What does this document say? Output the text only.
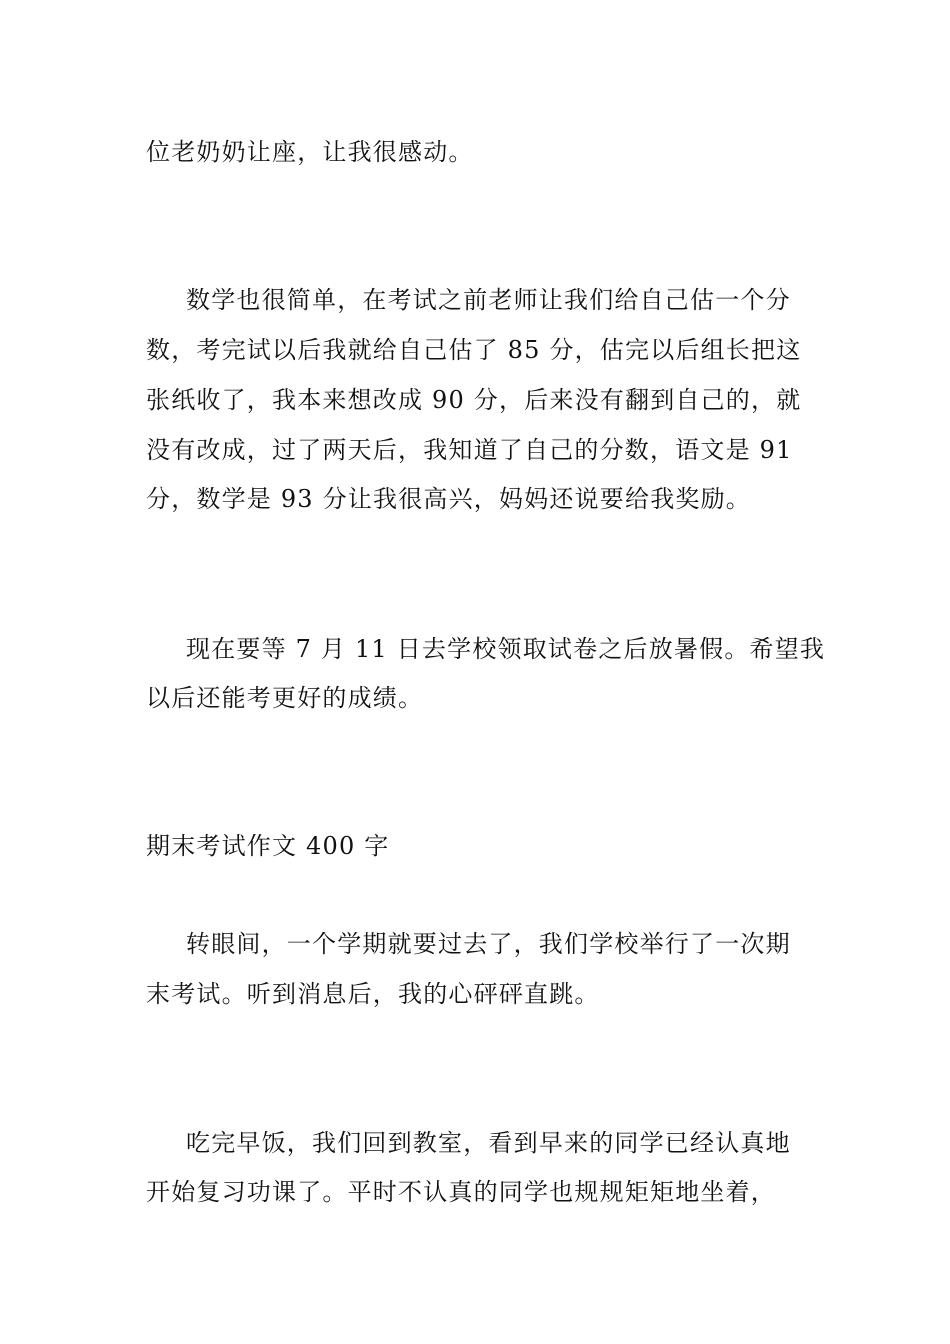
位老奶奶让座，让我很感动。
数学也很简单，在考试之前老师让我们给自己估一个分
数，考完试以后我就给自己估了 85 分，估完以后组长把这
张纸收了，我本来想改成 90 分，后来没有翻到自己的，就
没有改成，过了两天后，我知道了自己的分数，语文是 91
分，数学是 93 分让我很高兴，妈妈还说要给我奖励。
现在要等 7 月 11 日去学校领取试卷之后放暑假。希望我
以后还能考更好的成绩。
期末考试作文 400 字
转眼间，一个学期就要过去了，我们学校举行了一次期
末考试。听到消息后，我的心砰砰直跳。
吃完早饭，我们回到教室，看到早来的同学已经认真地
开始复习功课了。平时不认真的同学也规规矩矩地坐着，
